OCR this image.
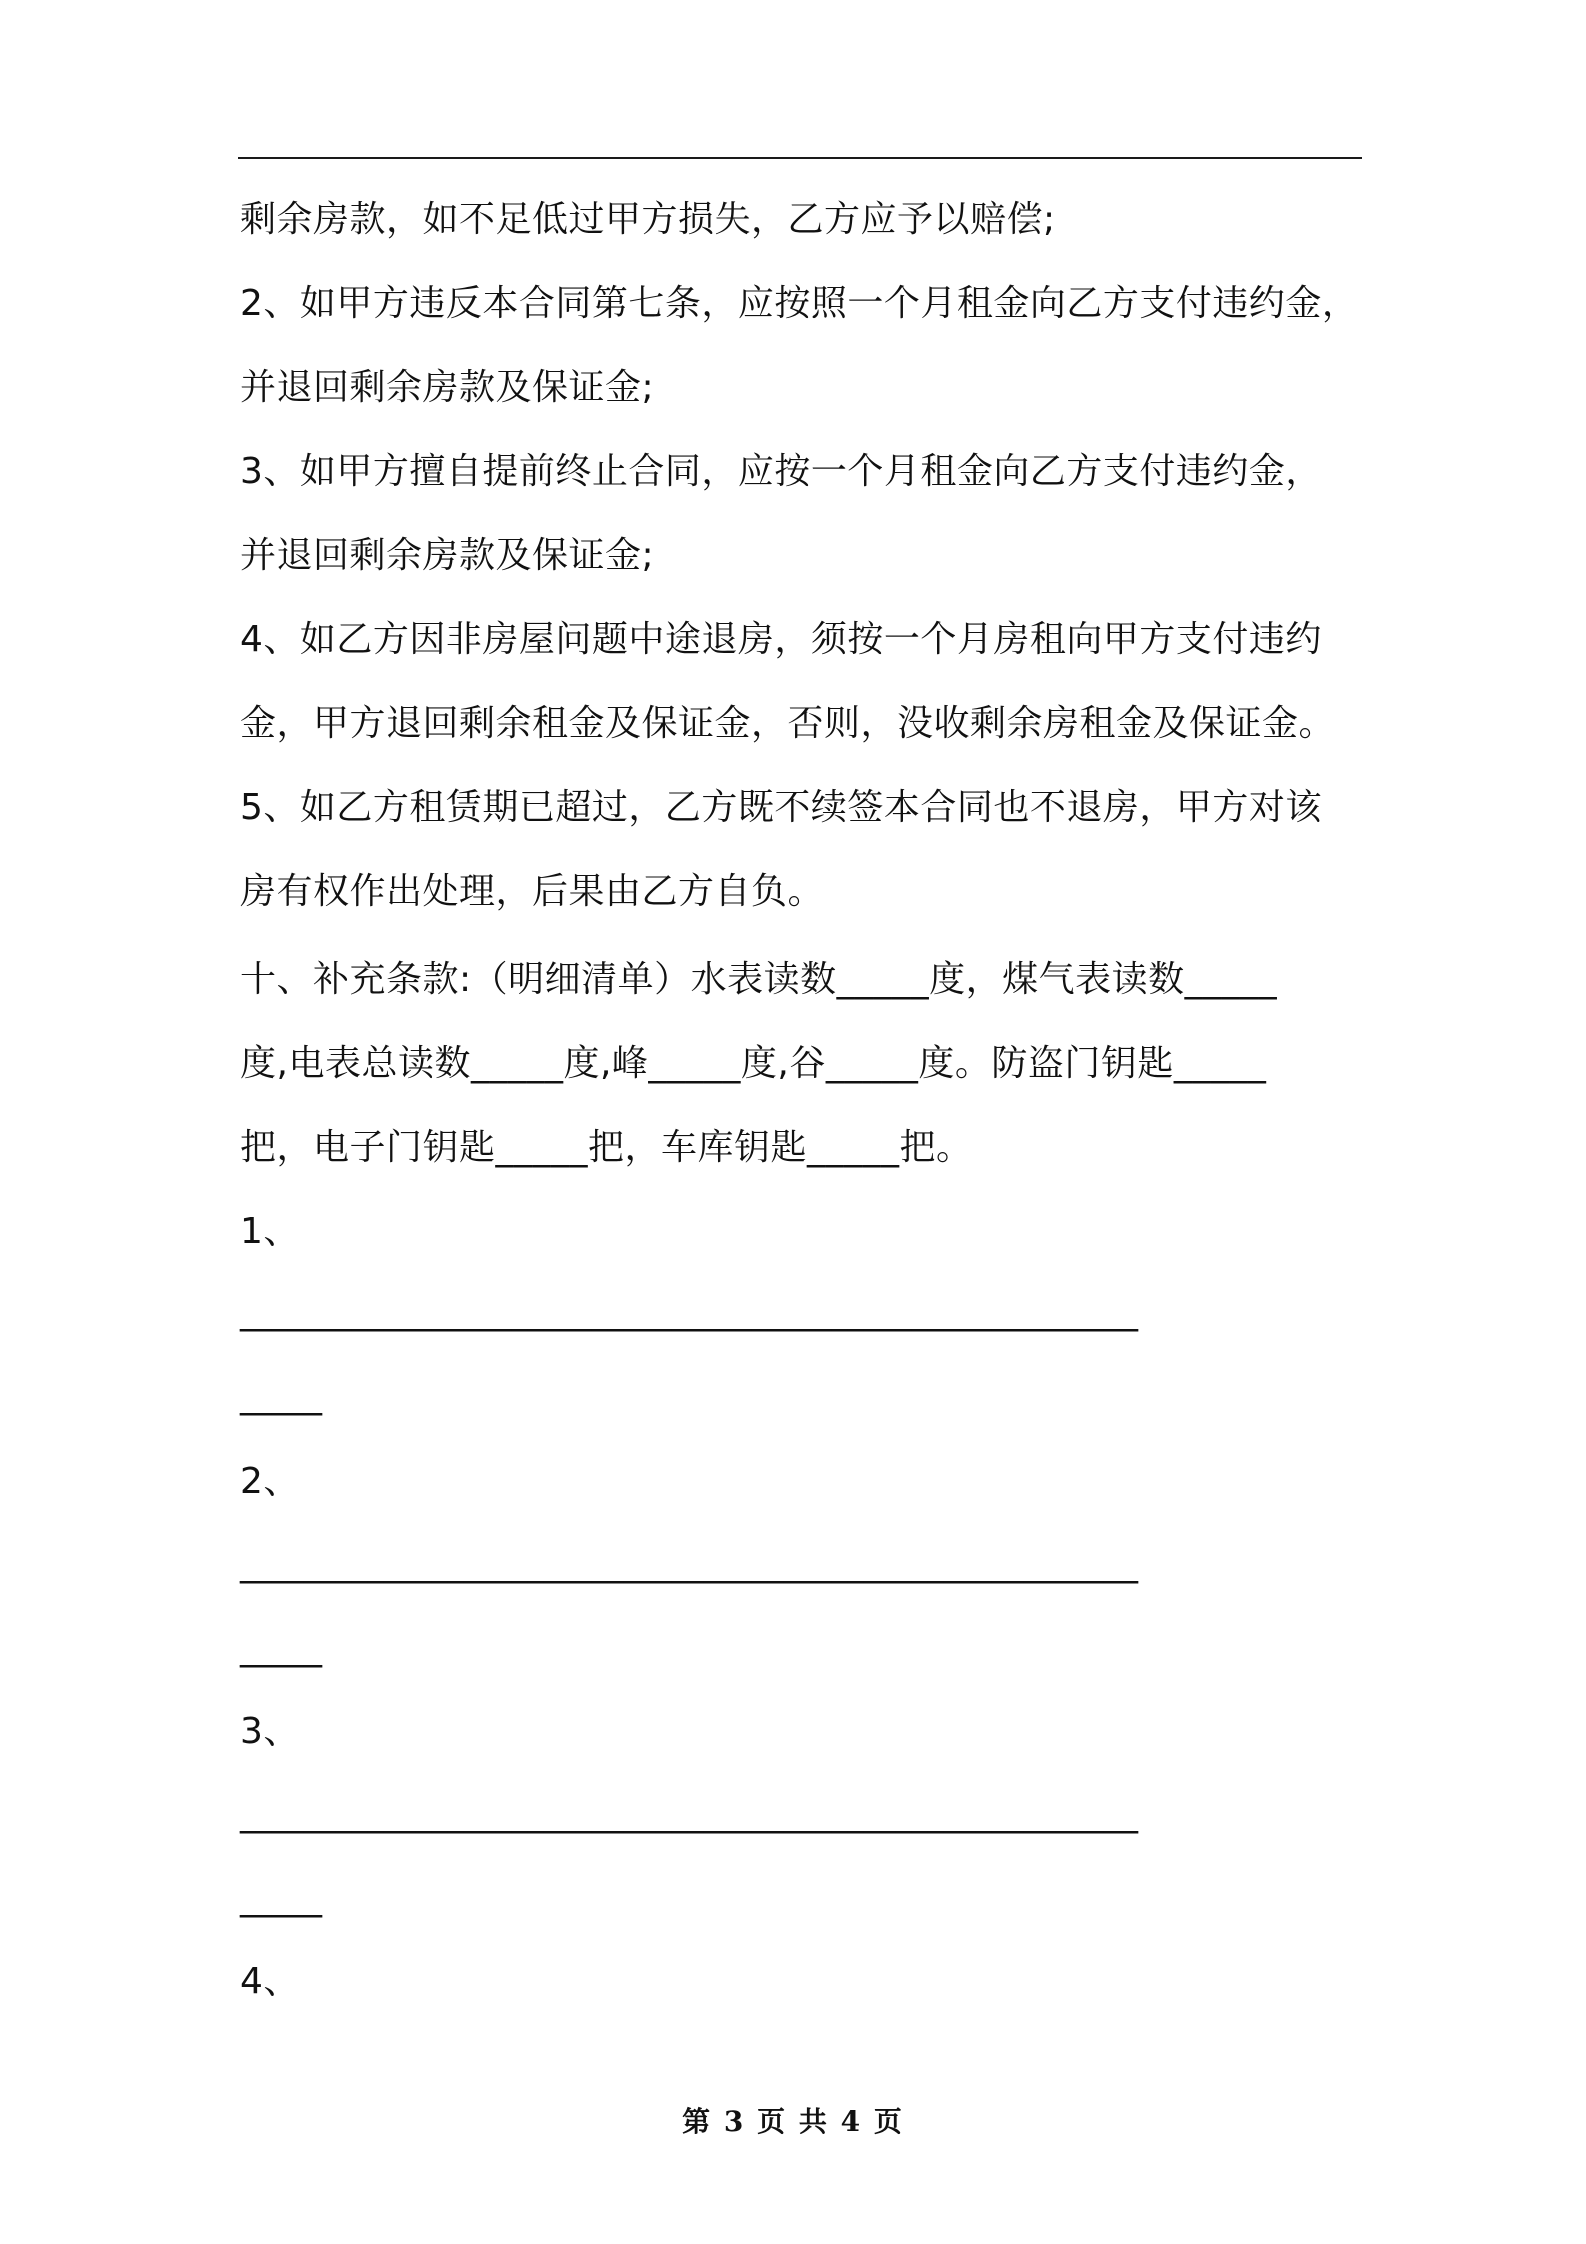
剩余房款，如不足低过甲方损失，乙方应予以赔偿;
2、如甲方违反本合同第七条，应按照一个月租金向乙方支付违约金，
并退回剩余房款及保证金;
3、如甲方擅自提前终止合同，应按一个月租金向乙方支付违约金，
并退回剩余房款及保证金;
4、如乙方因非房屋问题中途退房，须按一个月房租向甲方支付违约
金，甲方退回剩余租金及保证金，否则，没收剩余房租金及保证金。
5、如乙方租赁期已超过，乙方既不续签本合同也不退房，甲方对该
房有权作出处理，后果由乙方自负。
十、补充条款:（明细清单）水表读数_____度，煤气表读数_____
度,电表总读数_____度,峰_____度,谷_____度。防盗门钥匙_____
把，电子门钥匙_____把，车库钥匙_____把。
1、
________________________________________________________
_____
2、
________________________________________________________
_____
3、
________________________________________________________
_____
4、
第 3 页 共 4 页
